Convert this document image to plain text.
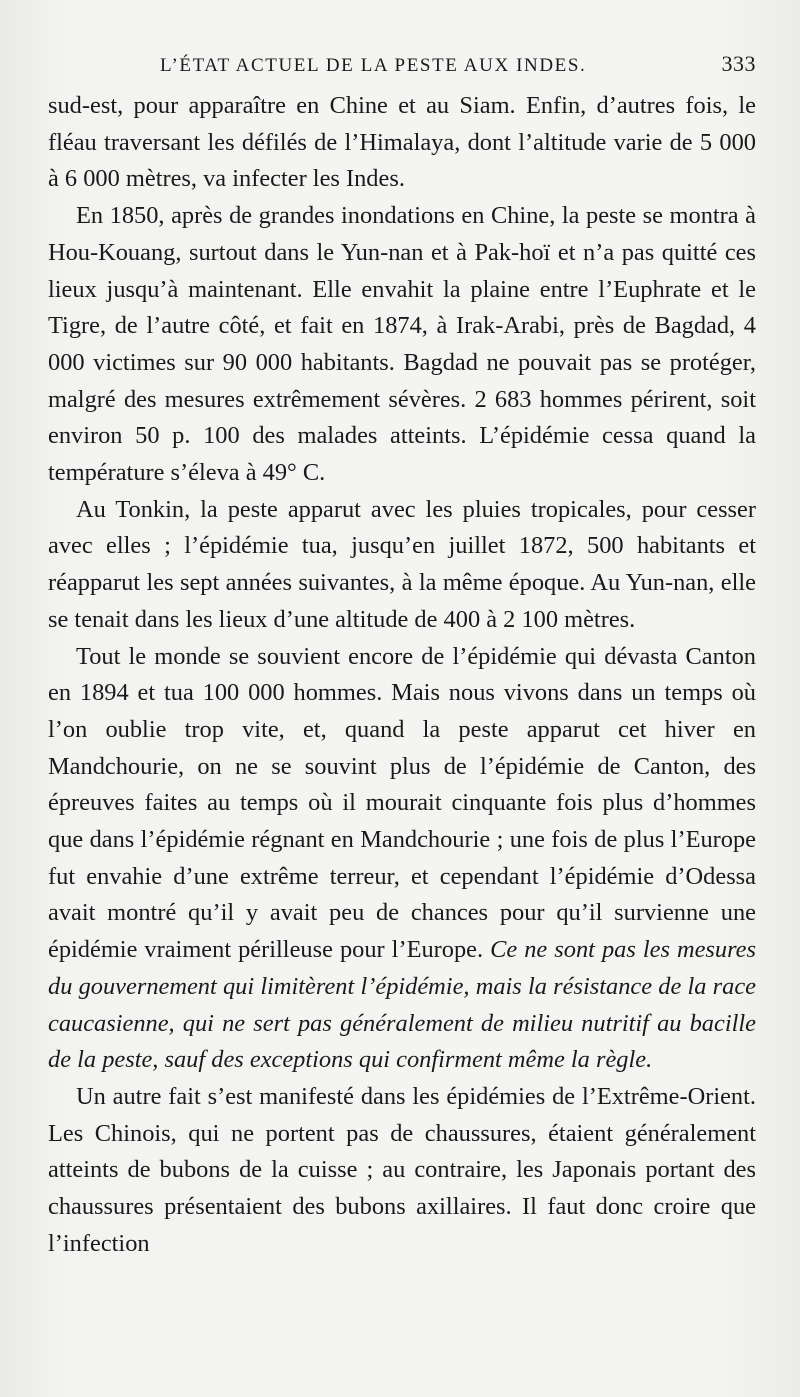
L’ÉTAT ACTUEL DE LA PESTE AUX INDES.	333

sud-est, pour apparaître en Chine et au Siam. Enfin, d’autres fois, le fléau traversant les défilés de l’Himalaya, dont l’altitude varie de 5 000 à 6 000 mètres, va infecter les Indes.

En 1850, après de grandes inondations en Chine, la peste se montra à Hou-Kouang, surtout dans le Yun-nan et à Pak-hoï et n’a pas quitté ces lieux jusqu’à maintenant. Elle envahit la plaine entre l’Euphrate et le Tigre, de l’autre côté, et fait en 1874, à Irak-Arabi, près de Bagdad, 4 000 victimes sur 90 000 habitants. Bagdad ne pouvait pas se protéger, malgré des mesures extrêmement sévères. 2 683 hommes périrent, soit environ 50 p. 100 des malades atteints. L’épidémie cessa quand la température s’éleva à 49° C.

Au Tonkin, la peste apparut avec les pluies tropicales, pour cesser avec elles ; l’épidémie tua, jusqu’en juillet 1872, 500 habitants et réapparut les sept années suivantes, à la même époque. Au Yun-nan, elle se tenait dans les lieux d’une altitude de 400 à 2 100 mètres.

Tout le monde se souvient encore de l’épidémie qui dévasta Canton en 1894 et tua 100 000 hommes. Mais nous vivons dans un temps où l’on oublie trop vite, et, quand la peste apparut cet hiver en Mandchourie, on ne se souvint plus de l’épidémie de Canton, des épreuves faites au temps où il mourait cinquante fois plus d’hommes que dans l’épidémie régnant en Mandchourie ; une fois de plus l’Europe fut envahie d’une extrême terreur, et cependant l’épidémie d’Odessa avait montré qu’il y avait peu de chances pour qu’il survienne une épidémie vraiment périlleuse pour l’Europe. Ce ne sont pas les mesures du gouvernement qui limitèrent l’épidémie, mais la résistance de la race caucasienne, qui ne sert pas généralement de milieu nutritif au bacille de la peste, sauf des exceptions qui confirment même la règle.

Un autre fait s’est manifesté dans les épidémies de l’Extrême-Orient. Les Chinois, qui ne portent pas de chaussures, étaient généralement atteints de bubons de la cuisse ; au contraire, les Japonais portant des chaussures présentaient des bubons axillaires. Il faut donc croire que l’infection
